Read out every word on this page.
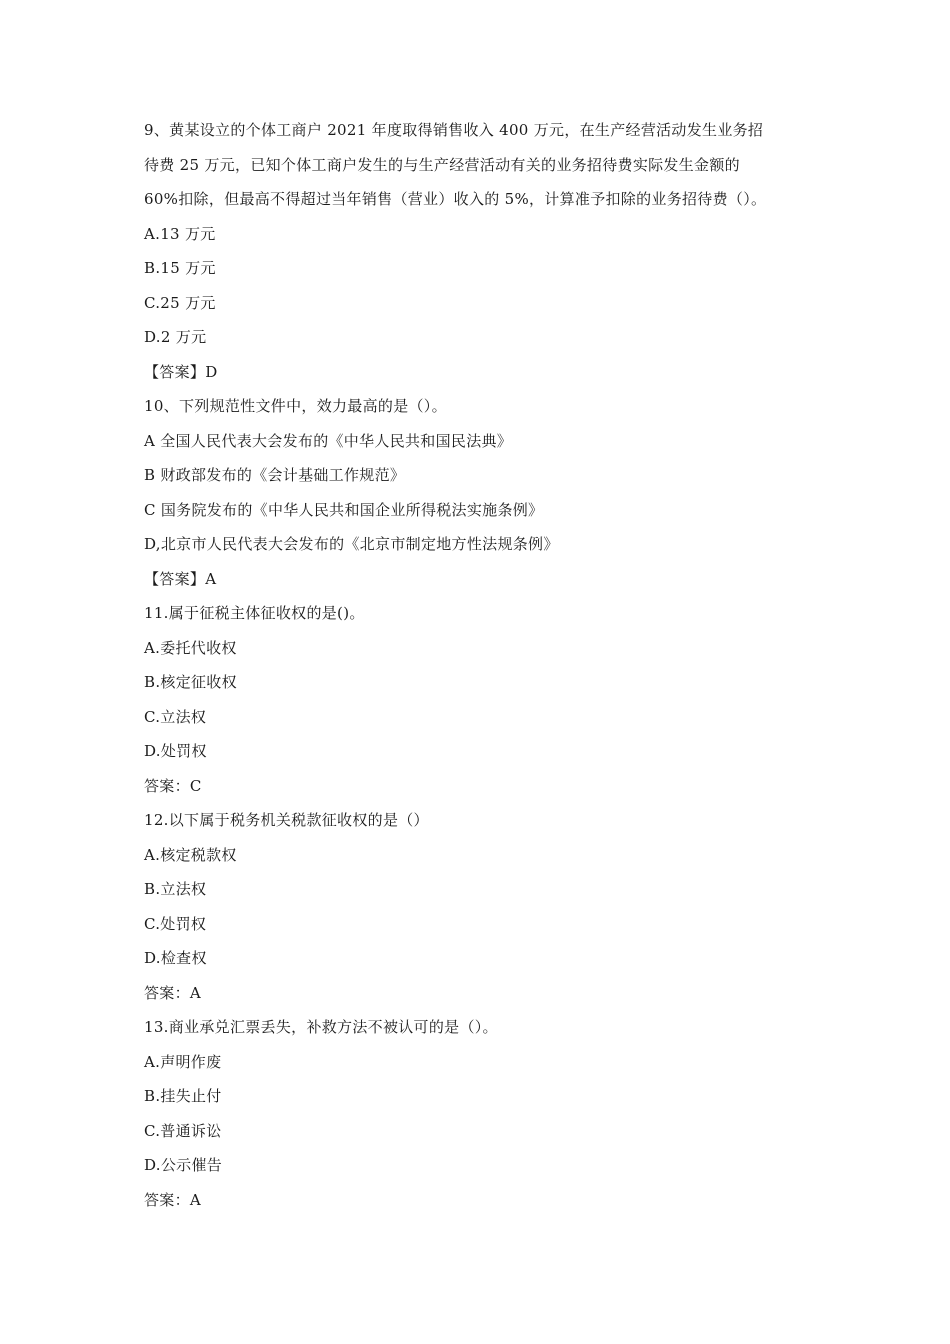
9、黄某设立的个体工商户 2021 年度取得销售收入 400 万元，在生产经营活动发生业务招
待费 25 万元，已知个体工商户发生的与生产经营活动有关的业务招待费实际发生金额的
60%扣除，但最高不得超过当年销售（营业）收入的 5%，计算准予扣除的业务招待费（）。
A.13 万元
B.15 万元
C.25 万元
D.2 万元
【答案】D
10、下列规范性文件中，效力最高的是（）。
A 全国人民代表大会发布的《中华人民共和国民法典》
B 财政部发布的《会计基础工作规范》
C 国务院发布的《中华人民共和国企业所得税法实施条例》
D,北京市人民代表大会发布的《北京市制定地方性法规条例》
【答案】A
11.属于征税主体征收权的是()。
A.委托代收权
B.核定征收权
C.立法权
D.处罚权
答案：C
12.以下属于税务机关税款征收权的是（）
A.核定税款权
B.立法权
C.处罚权
D.检查权
答案：A
13.商业承兑汇票丢失，补救方法不被认可的是（）。
A.声明作废
B.挂失止付
C.普通诉讼
D.公示催告
答案：A
